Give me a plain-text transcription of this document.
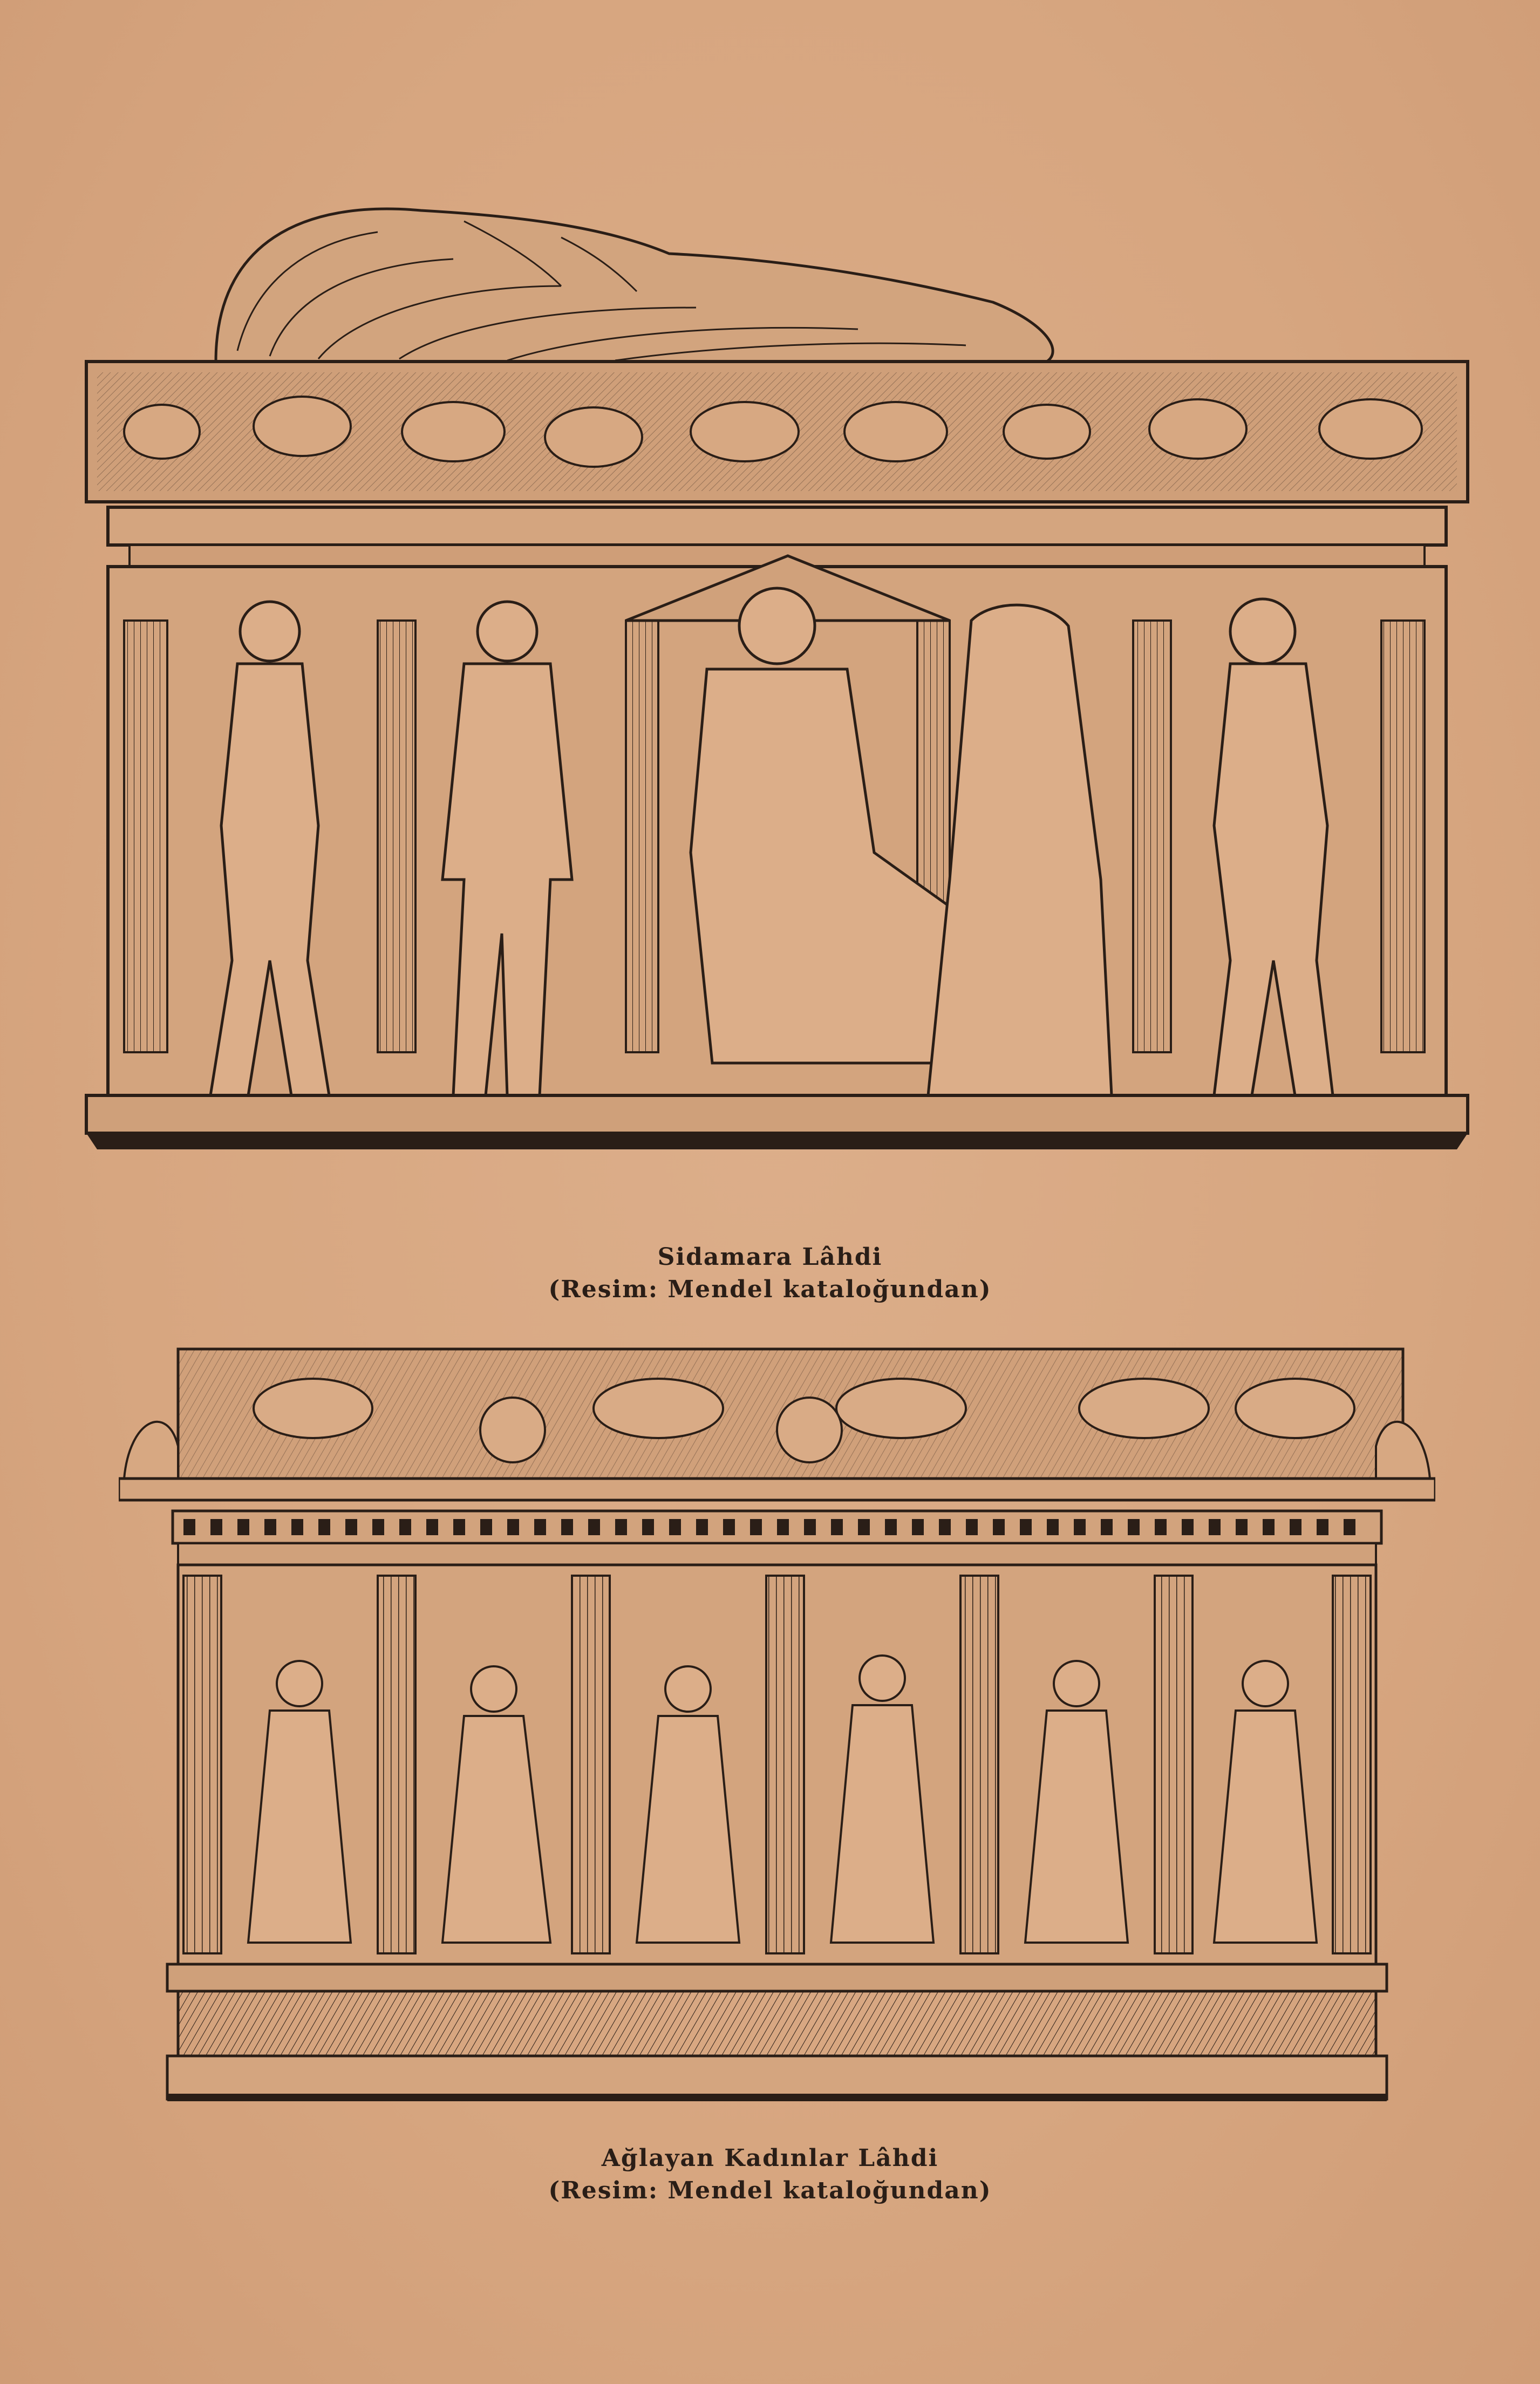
Sidamara Lâhdi
(Resim: Mendel kataloğundan)
Ağlayan Kadınlar Lâhdi
(Resim: Mendel kataloğundan)
